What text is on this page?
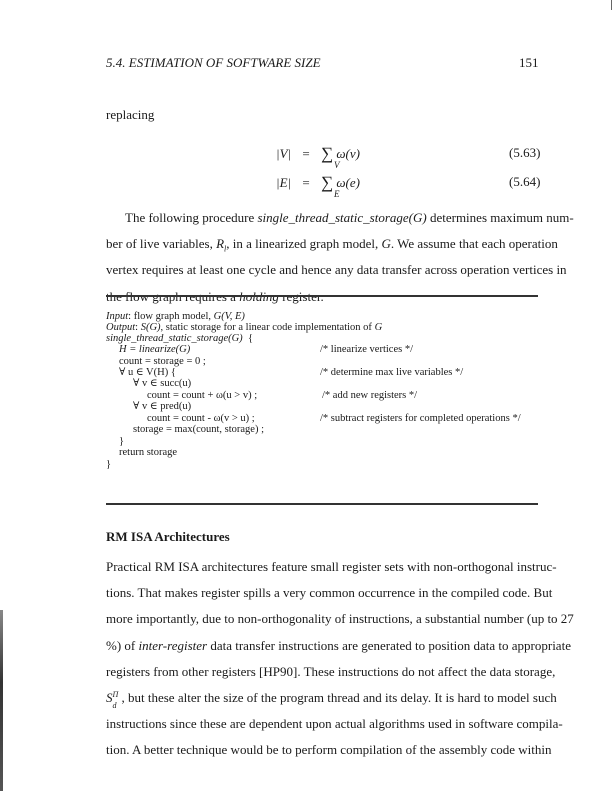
5.4. ESTIMATION OF SOFTWARE SIZE	151
replacing
|V| = ∑
V
ω(v)	(5.63)
|E| = ∑
E
ω(e)	(5.64)
The following procedure single_thread_static_storage(G) determines maximum num-
ber of live variables, $R_l$, in a linearized graph model, G. We assume that each operation
vertex requires at least one cycle and hence any data transfer across operation vertices in
Input: flow graph model, G(V, E)
Output: S(G), static storage for a linear code implementation of G
single_thread_static_storage(G) {
H = linearize(G)	/* linearize vertices */
count = storage = 0 ;
∀ u ∈ V(H) {	/* determine max live variables */
∀ v ∈ succ(u)
count = count + ω(u > v) ;	/* add new registers */
∀ v ∈ pred(u)
count = count - ω(v > u) ;	/* subtract registers for completed operations */
storage = max(count, storage) ;
}
return storage
}
RM ISA Architectures
Practical RM ISA architectures feature small register sets with non-orthogonal instruc-
tions. That makes register spills a very common occurrence in the compiled code. But
more importantly, due to non-orthogonality of instructions, a substantial number (up to 27
%) of inter-register data transfer instructions are generated to position data to appropriate
registers from other registers [HP90]. These instructions do not affect the data storage,
S Π
d
, but these alter the size of the program thread and its delay. It is hard to model such
instructions since these are dependent upon actual algorithms used in software compila-
tion. A better technique would be to perform compilation of the assembly code within
